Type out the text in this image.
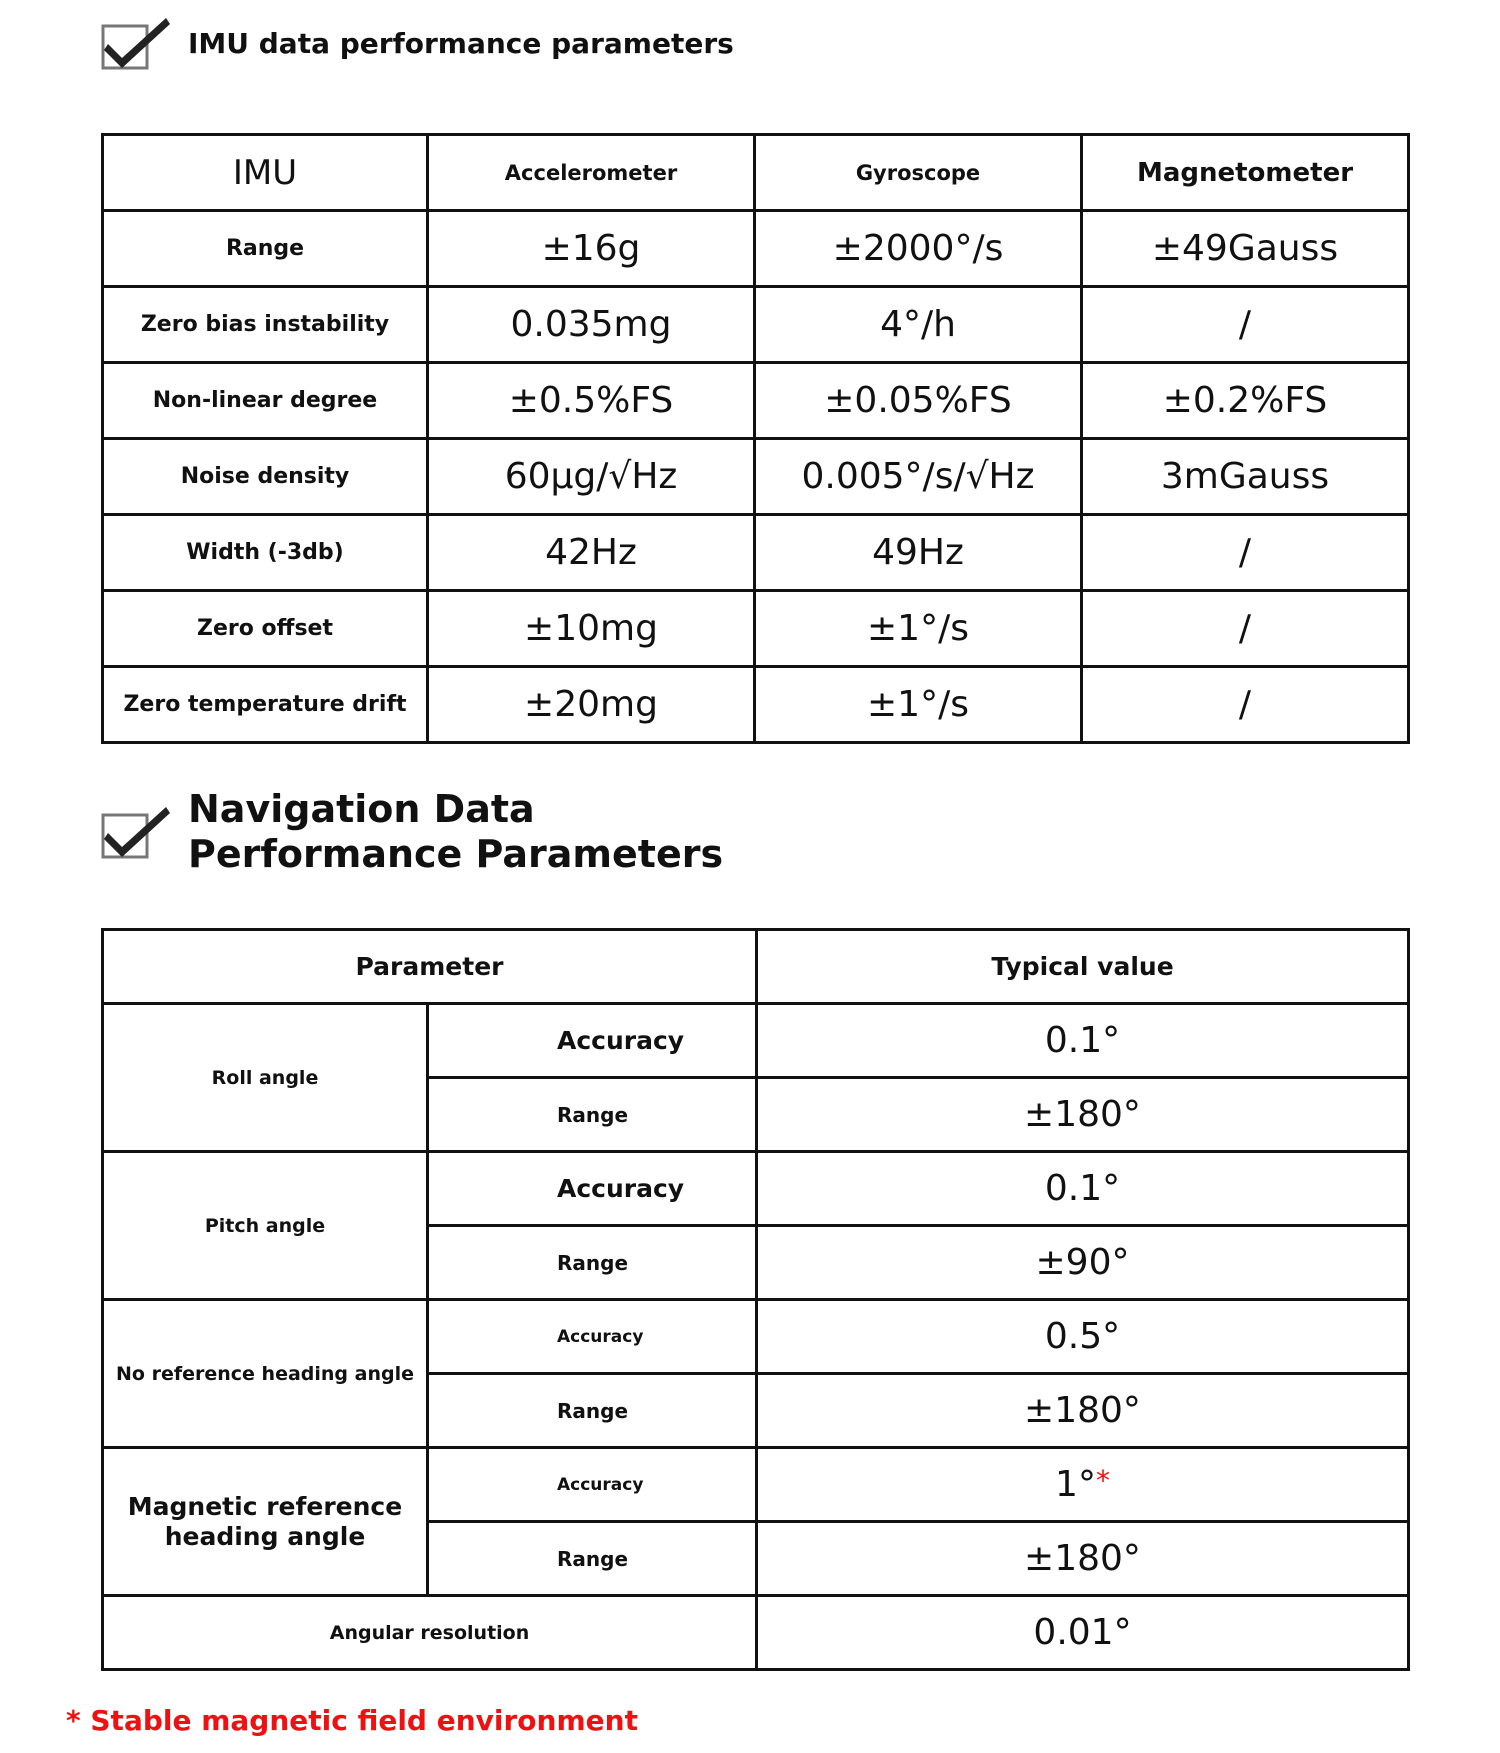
IMU data performance parameters
IMU	Accelerometer	Gyroscope	Magnetometer
Range	±16g	±2000°/s	±49Gauss
Zero bias instability	0.035mg	4°/h	/
Non-linear degree	±0.5%FS	±0.05%FS	±0.2%FS
Noise density	60μg/√Hz	0.005°/s/√Hz	3mGauss
Width (-3db)	42Hz	49Hz	/
Zero offset	±10mg	±1°/s	/
Zero temperature drift	±20mg	±1°/s	/
Navigation Data
Performance Parameters
Parameter		Typical value
Roll angle	Accuracy	0.1°
	Range	±180°
Pitch angle	Accuracy	0.1°
	Range	±90°
No reference heading angle	Accuracy	0.5°
	Range	±180°
Magnetic reference heading angle	Accuracy	1°*
	Range	±180°
Angular resolution		0.01°
* Stable magnetic field environment
